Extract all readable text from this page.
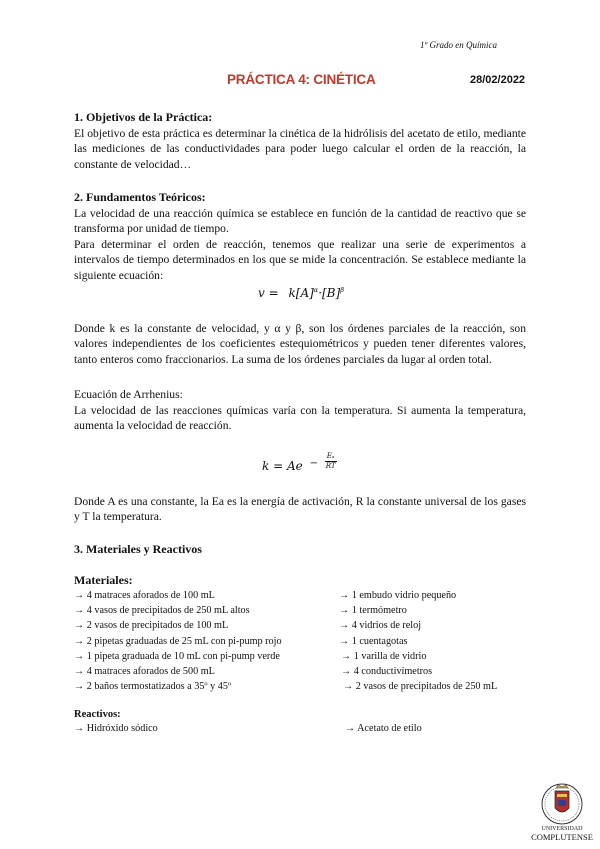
1º Grado en Química
PRÁCTICA 4: CINÉTICA	28/02/2022
1. Objetivos de la Práctica:
El objetivo de esta práctica es determinar la cinética de la hidrólisis del acetato de etilo, mediante las mediciones de las conductividades para poder luego calcular el orden de la reacción, la constante de velocidad…
2. Fundamentos Teóricos:
La velocidad de una reacción química se establece en función de la cantidad de reactivo que se transforma por unidad de tiempo.
Para determinar el orden de reacción, tenemos que realizar una serie de experimentos a intervalos de tiempo determinados en los que se mide la concentración. Se establece mediante la siguiente ecuación:
$v = k[A]^\alpha\cdot[B]^\beta$
Donde k es la constante de velocidad, y α y β, son los órdenes parciales de la reacción, son valores independientes de los coeficientes estequiométricos y pueden tener diferentes valores, tanto enteros como fraccionarios. La suma de los órdenes parciales da lugar al orden total.
Ecuación de Arrhenius:
La velocidad de las reacciones químicas varía con la temperatura. Si aumenta la temperatura, aumenta la velocidad de reacción.
k = Ae $^- \frac{\text{Eₐ}}{RT}$
Donde A es una constante, la Ea es la energía de activación, R la constante universal de los gases y T la temperatura.
3. Materiales y Reactivos
Materiales:
→ 4 matraces aforados de 100 mL
→ 4 vasos de precipitados de 250 mL altos
→ 2 vasos de precipitados de 100 mL
→ 2 pipetas graduadas de 25 mL con pi-pump rojo
→ 1 pipeta graduada de 10 mL con pi-pump verde
→ 4 matraces aforados de 500 mL
→ 2 baños termostatizados a 35º y 45º
→ 1 embudo vidrio pequeño
→ 1 termómetro
→ 4 vidrios de reloj
→ 1 cuentagotas
→ 1 varilla de vidrio
→ 4 conductivímetros
→ 2 vasos de precipitados de 250 mL
Reactivos:
→ Hidróxido sódico	→ Acetato de etilo
UNIVERSIDAD
COMPLUTENSE
